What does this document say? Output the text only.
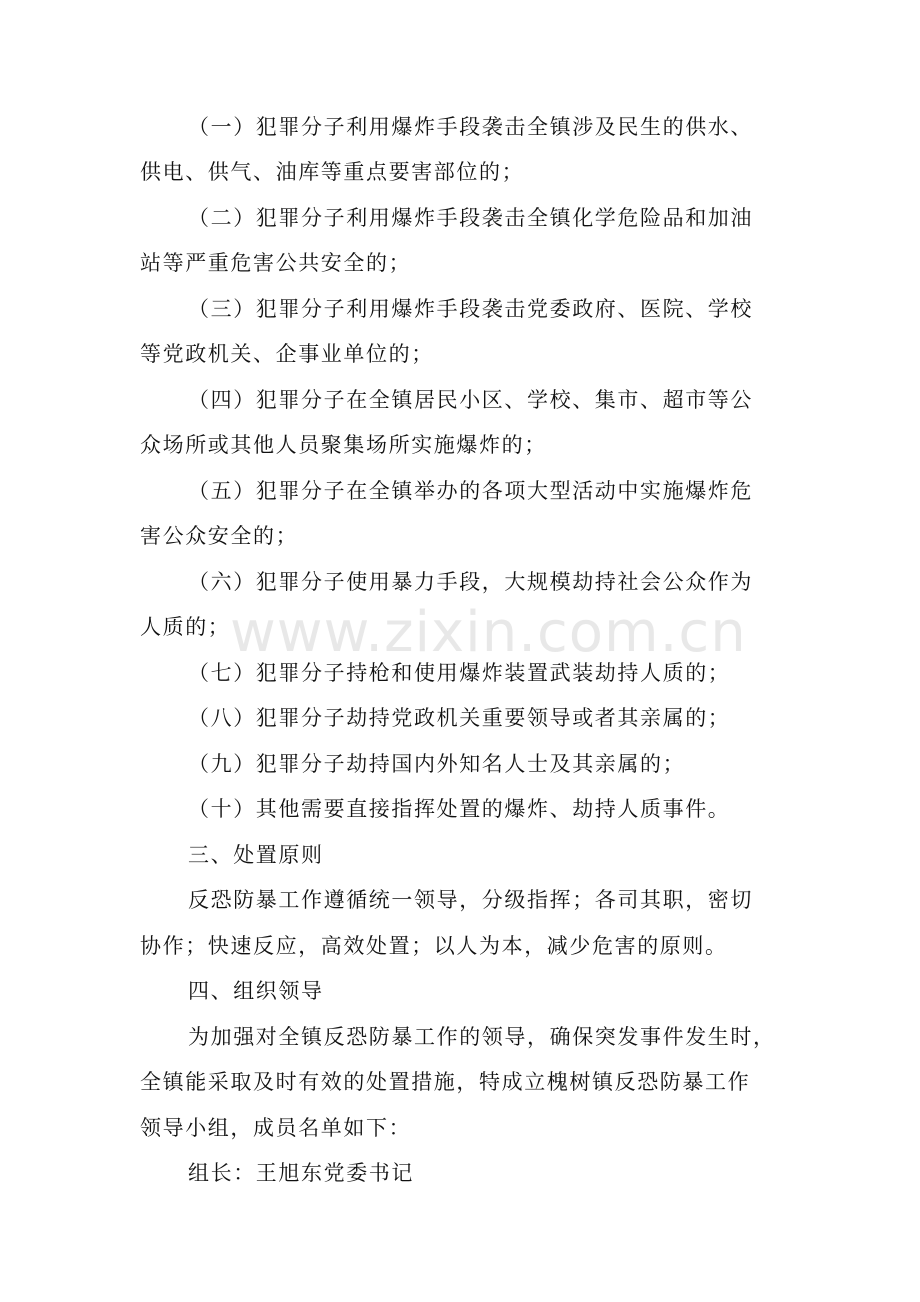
（一）犯罪分子利用爆炸手段袭击全镇涉及民生的供水、
供电、供气、油库等重点要害部位的；
（二）犯罪分子利用爆炸手段袭击全镇化学危险品和加油
站等严重危害公共安全的；
（三）犯罪分子利用爆炸手段袭击党委政府、医院、学校
等党政机关、企事业单位的；
（四）犯罪分子在全镇居民小区、学校、集市、超市等公
众场所或其他人员聚集场所实施爆炸的；
（五）犯罪分子在全镇举办的各项大型活动中实施爆炸危
害公众安全的；
（六）犯罪分子使用暴力手段，大规模劫持社会公众作为
人质的；
（七）犯罪分子持枪和使用爆炸装置武装劫持人质的；
（八）犯罪分子劫持党政机关重要领导或者其亲属的；
（九）犯罪分子劫持国内外知名人士及其亲属的；
（十）其他需要直接指挥处置的爆炸、劫持人质事件。
三、处置原则
反恐防暴工作遵循统一领导，分级指挥；各司其职，密切
协作；快速反应，高效处置；以人为本，减少危害的原则。
四、组织领导
为加强对全镇反恐防暴工作的领导，确保突发事件发生时，
全镇能采取及时有效的处置措施，特成立槐树镇反恐防暴工作
领导小组，成员名单如下：
组长：王旭东党委书记
www.zixin.com.cn
